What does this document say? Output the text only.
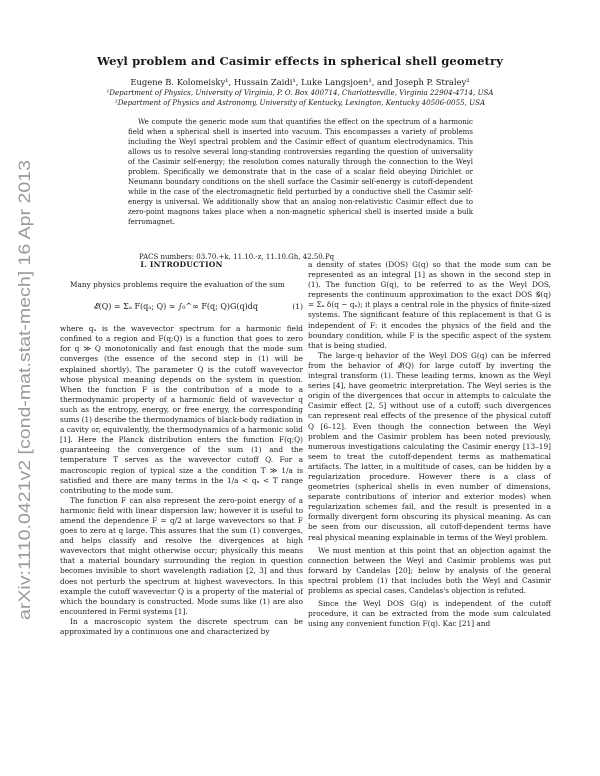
arXiv:1110.0421v2 [cond-mat.stat-mech] 16 Apr 2013
Weyl problem and Casimir effects in spherical shell geometry
Eugene B. Kolomeisky¹, Hussain Zaidi¹, Luke Langsjoen¹, and Joseph P. Straley²
¹Department of Physics, University of Virginia, P. O. Box 400714, Charlottesville, Virginia 22904-4714, USA
²Department of Physics and Astronomy, University of Kentucky, Lexington, Kentucky 40506-0055, USA
We compute the generic mode sum that quantifies the effect on the spectrum of a harmonic field when a spherical shell is inserted into vacuum. This encompasses a variety of problems including the Weyl spectral problem and the Casimir effect of quantum electrodynamics. This allows us to resolve several long-standing controversies regarding the question of universality of the Casimir self-energy; the resolution comes naturally through the connection to the Weyl problem. Specifically we demonstrate that in the case of a scalar field obeying Dirichlet or Neumann boundary conditions on the shell surface the Casimir self-energy is cutoff-dependent while in the case of the electromagnetic field perturbed by a conductive shell the Casimir self-energy is universal. We additionally show that an analog non-relativistic Casimir effect due to zero-point magnons takes place when a non-magnetic spherical shell is inserted inside a bulk ferromagnet.
PACS numbers: 03.70.+k, 11.10.-z, 11.10.Gh, 42.50.Pq
I. INTRODUCTION

Many physics problems require the evaluation of the sum

𝓔(Q) = Σₐ F(qₐ; Q) ≈ ∫₀^∞ F(q; Q)G(q)dq	(1)

where qₐ is the wavevector spectrum for a harmonic field confined to a region and F(q;Q) is a function that goes to zero for q ≫ Q monotonically and fast enough that the mode sum converges (the essence of the second step in (1) will be explained shortly). The parameter Q is the cutoff wavevector whose physical meaning depends on the system in question. When the function F is the contribution of a mode to a thermodynamic property of a harmonic field of wavevector q such as the entropy, energy, or free energy, the corresponding sums (1) describe the thermodynamics of black-body radiation in a cavity or, equivalently, the thermodynamics of a harmonic solid [1]. Here the Planck distribution enters the function F(q;Q) guaranteeing the convergence of the sum (1) and the temperature T serves as the wavevector cutoff Q. For a macroscopic region of typical size a the condition T ≫ 1/a is satisfied and there are many terms in the 1/a < qₐ < T range contributing to the mode sum.

The function F can also represent the zero-point energy of a harmonic field with linear dispersion law; however it is useful to amend the dependence F = q/2 at large wavevectors so that F goes to zero at q large. This assures that the sum (1) converges, and helps classify and resolve the divergences at high wavevectors that might otherwise occur; physically this means that a material boundary surrounding the region in question becomes invisible to short wavelength radiation [2, 3] and thus does not perturb the spectrum at highest wavevectors. In this example the cutoff wavevector Q is a property of the material of which the boundary is constructed. Mode sums like (1) are also encountered in Fermi systems [1].

In a macroscopic system the discrete spectrum can be approximated by a continuous one and characterized by

a density of states (DOS) G(q) so that the mode sum can be represented as an integral [1] as shown in the second step in (1). The function G(q), to be referred to as the Weyl DOS, represents the continuum approximation to the exact DOS 𝒢(q) = Σₐ δ(q − qₐ); it plays a central role in the physics of finite-sized systems. The significant feature of this replacement is that G is independent of F: it encodes the physics of the field and the boundary condition, while F is the specific aspect of the system that is being studied.

The large-q behavior of the Weyl DOS G(q) can be inferred from the behavior of 𝓔(Q) for large cutoff by inverting the integral transform (1). These leading terms, known as the Weyl series [4], have geometric interpretation. The Weyl series is the origin of the divergences that occur in attempts to calculate the Casimir effect [2, 5] without use of a cutoff; such divergences can represent real effects of the presence of the physical cutoff Q [6–12]. Even though the connection between the Weyl problem and the Casimir problem has been noted previously, numerous investigations calculating the Casimir energy [13–19] seem to treat the cutoff-dependent terms as mathematical artifacts. The latter, in a multitude of cases, can be hidden by a regularization procedure. However there is a class of geometries (spherical shells in even number of dimensions, separate contributions of interior and exterior modes) when regularization schemes fail, and the result is presented in a formally divergent form obscuring its physical meaning. As can be seen from our discussion, all cutoff-dependent terms have real physical meaning explainable in terms of the Weyl problem.

We must mention at this point that an objection against the connection between the Weyl and Casimir problems was put forward by Candelas [20]; below by analysis of the general spectral problem (1) that includes both the Weyl and Casimir problems as special cases, Candelas's objection is refuted.

Since the Weyl DOS G(q) is independent of the cutoff procedure, it can be extracted from the mode sum calculated using any convenient function F(q). Kac [21] and
